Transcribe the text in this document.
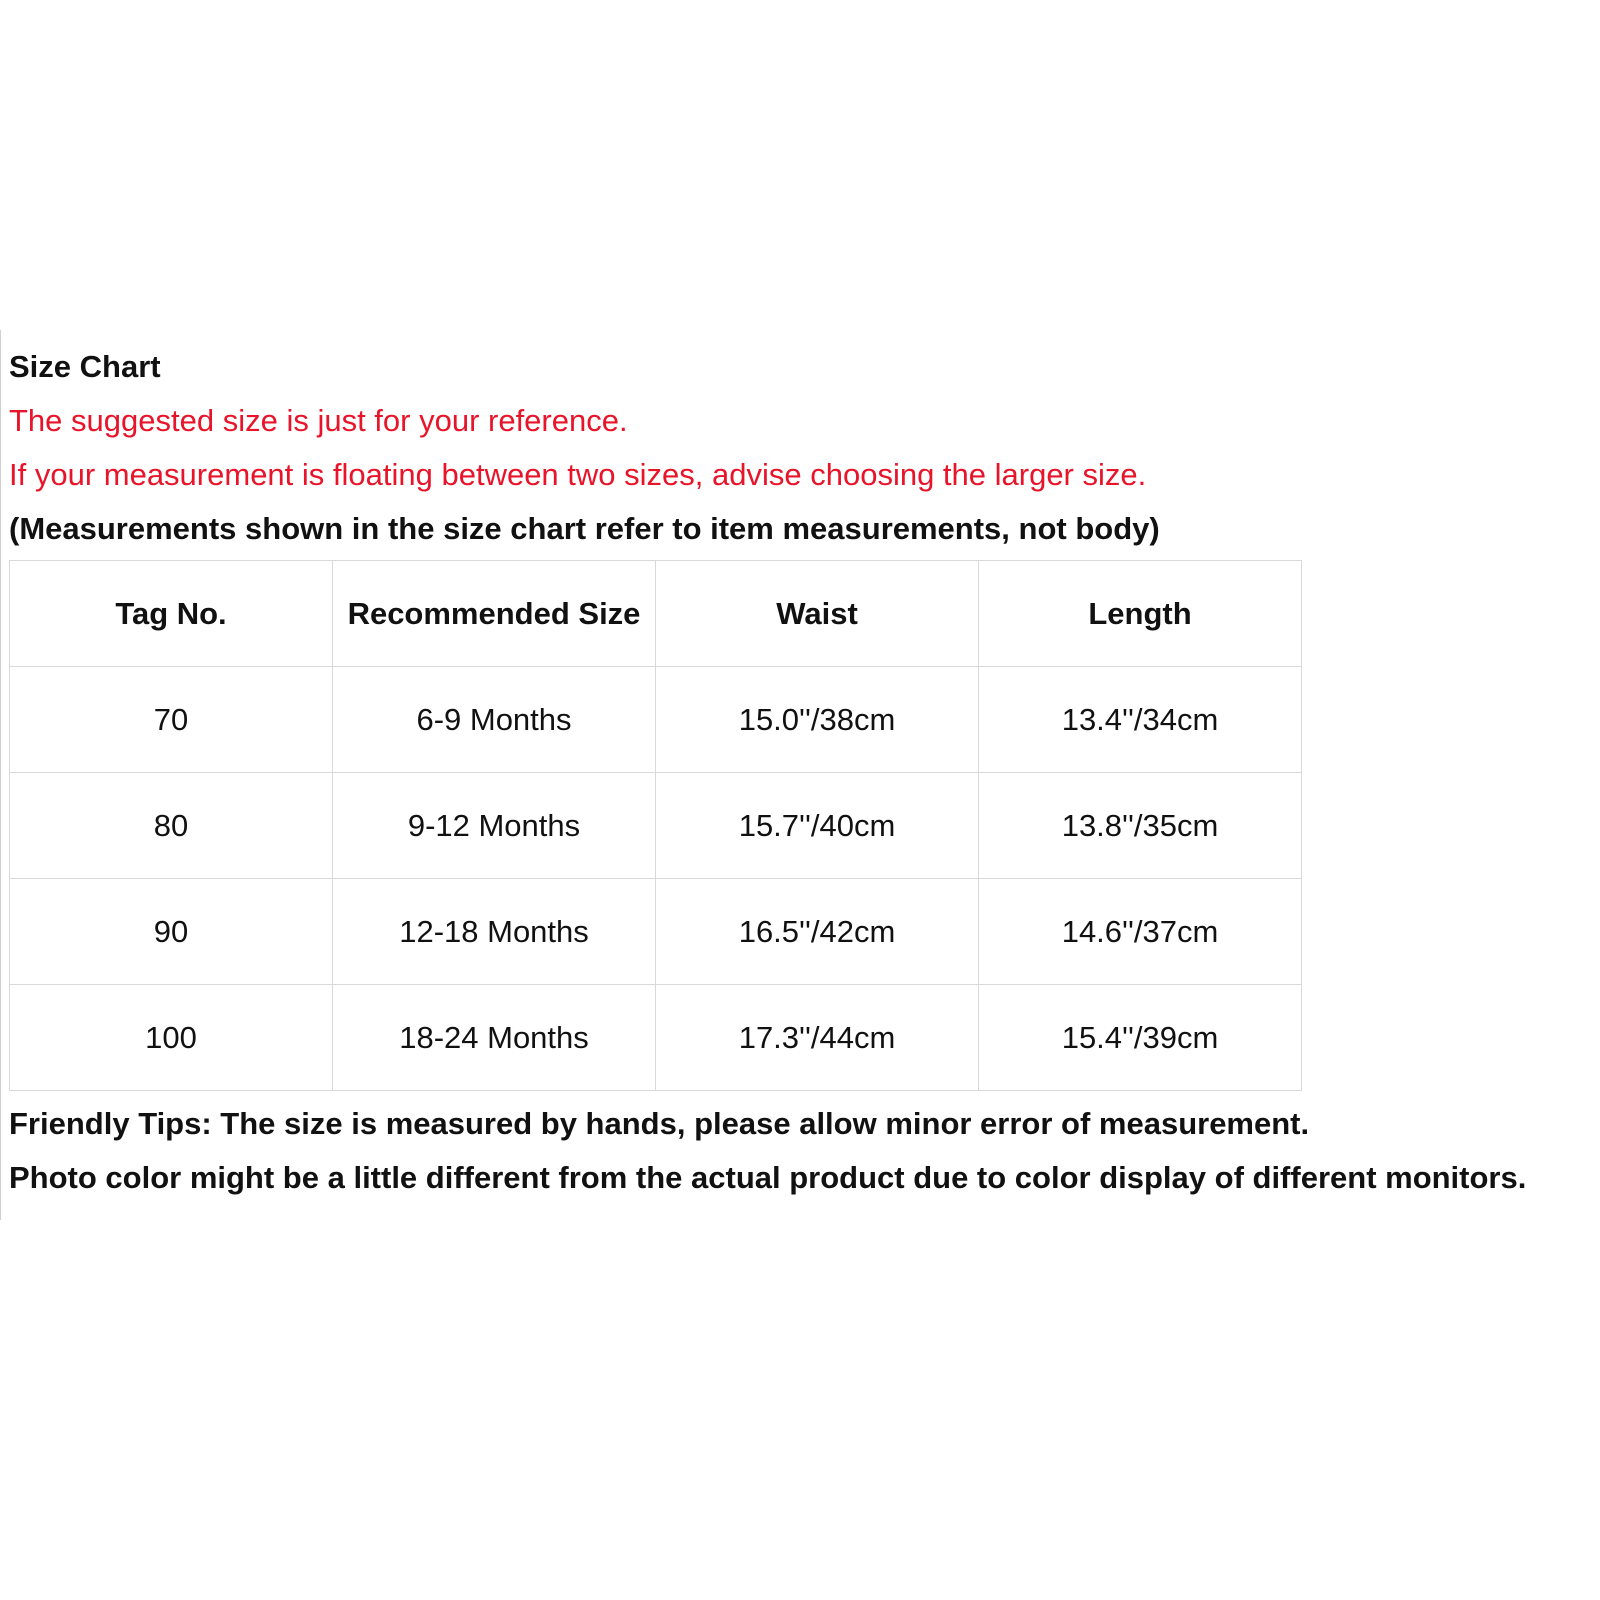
Size Chart
The suggested size is just for your reference.
If your measurement is floating between two sizes, advise choosing the larger size.
(Measurements shown in the size chart refer to item measurements, not body)
Tag No.	Recommended Size	Waist	Length
70	6-9 Months	15.0''/38cm	13.4''/34cm
80	9-12 Months	15.7''/40cm	13.8''/35cm
90	12-18 Months	16.5''/42cm	14.6''/37cm
100	18-24 Months	17.3''/44cm	15.4''/39cm
Friendly Tips: The size is measured by hands, please allow minor error of measurement.
Photo color might be a little different from the actual product due to color display of different monitors.
